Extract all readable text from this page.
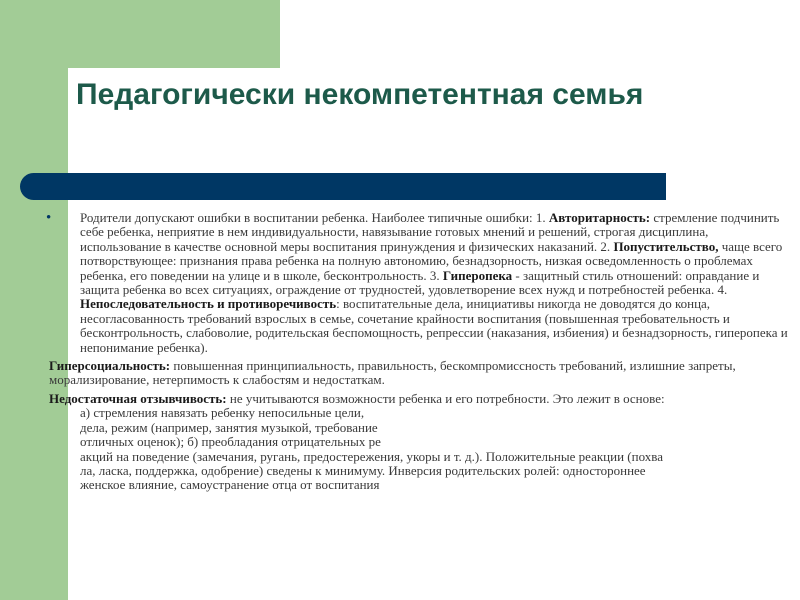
Педагогически некомпетентная семья

• Родители допускают ошибки в воспитании ребенка. Наиболее типичные ошибки: 1. Авторитарность: стремление подчинить себе ребенка, неприятие в нем индивидуальности, навязывание готовых мнений и решений, строгая дисциплина, использование в качестве основной меры воспитания принуждения и физических наказаний. 2. Попустительство, чаще всего потворствующее: признания права ребенка на полную автономию, безнадзорность, низкая осведомленность о проблемах ребенка, его поведении на улице и в школе, бесконтрольность. 3. Гиперопека - защитный стиль отношений: оправдание и защита ребенка во всех ситуациях, ограждение от трудностей, удовлетворение всех нужд и потребностей ребенка. 4. Непоследовательность и противоречивость: воспитательные дела, инициативы никогда не доводятся до конца, несогласованность требований взрослых в семье, сочетание крайности воспитания (повышенная требовательность и бесконтрольность, слабоволие, родительская беспомощность, репрессии (наказания, избиения) и безнадзорность, гиперопека и непонимание ребенка).

Гиперсоциальность: повышенная принципиальность, правильность, бескомпромиссность требований, излишние запреты, морализирование, нетерпимость к слабостям и недостаткам.

Недостаточная отзывчивость: не учитываются возможности ребенка и его потребности. Это лежит в основе:
а) стремления навязать ребенку непосильные цели,
дела, режим (например, занятия музыкой, требование
отличных оценок); б) преобладания отрицательных ре
акций на поведение (замечания, ругань, предостережения, укоры и т. д.). Положительные реакции (похва
ла, ласка, поддержка, одобрение) сведены к минимуму. Инверсия родительских ролей: одностороннее
женское влияние, самоустранение отца от воспитания
